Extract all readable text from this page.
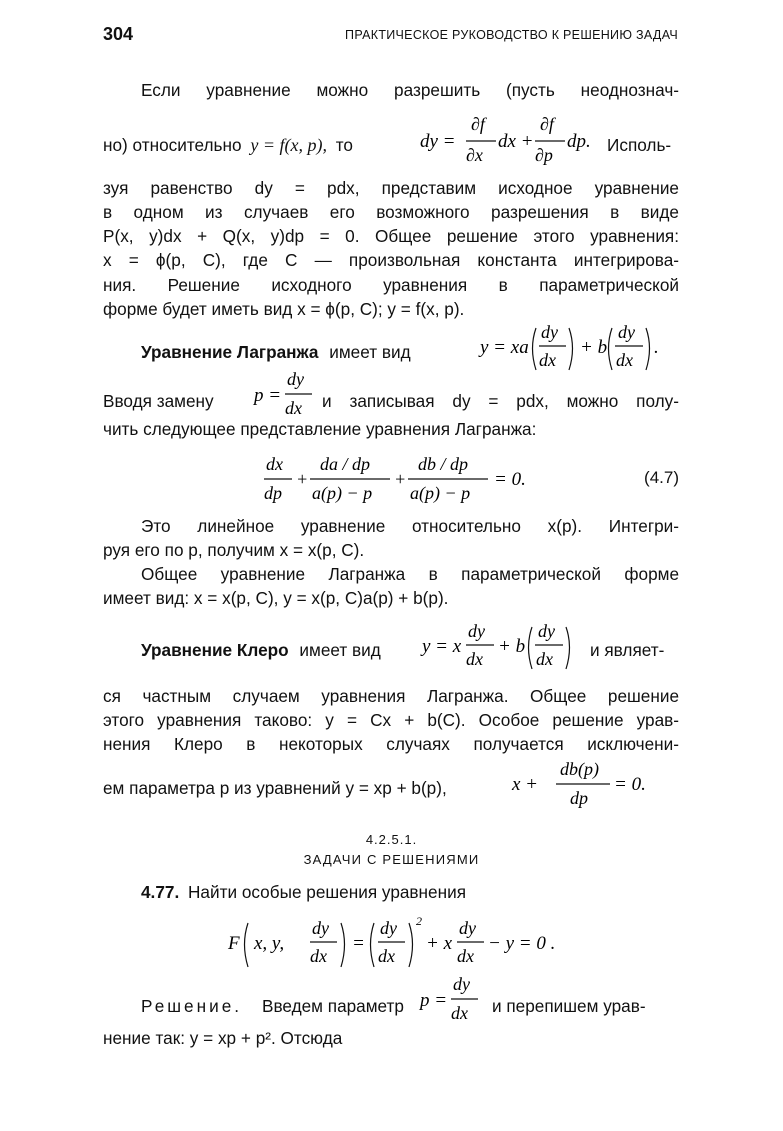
304	ПРАКТИЧЕСКОЕ РУКОВОДСТВО К РЕШЕНИЮ ЗАДАЧ
Если уравнение можно разрешить (пусть неоднознач-
но) относительно y = f(x, p), то	dy =
∂f
∂x
dx +
∂f
∂p
dp. Исполь-
зуя равенство dy = pdx, представим исходное уравнение
в одном из случаев его возможного разрешения в виде
P(x, y)dx + Q(x, y)dp = 0. Общее решение этого уравнения:
x = ϕ(p, C), где C — произвольная константа интегрирова-
ния. Решение исходного уравнения в параметрической
форме будет иметь вид x = ϕ(p, C); y = f(x, p).
Уравнение Лагранжа имеет вид	y = xa
dy
dx
+ b
dy
dx
.
Вводя замену p =
dy
dx и записывая dy = pdx, можно полу-
чить следующее представление уравнения Лагранжа:
dx
dp
+
da / dp
a(p) − p
+
db / dp
a(p) − p
= 0.	(4.7)
Это линейное уравнение относительно x(p). Интегри-
руя его по p, получим x = x(p, C).
Общее уравнение Лагранжа в параметрической форме
имеет вид: x = x(p, C), y = x(p, C)a(p) + b(p).
Уравнение Клеро имеет вид y = x
dy
dx
+ b
dy
dx и являет-
ся частным случаем уравнения Лагранжа. Общее решение
этого уравнения таково: y = Cx + b(C). Особое решение урав-
нения Клеро в некоторых случаях получается исключени-
ем параметра p из уравнений y = xp + b(p),	x +
db(p)
dp
= 0.
4.2.5.1.
ЗАДАЧИ С РЕШЕНИЯМИ
4.77. Найти особые решения уравнения
F x, y,
dy
dx
=
dy
dx
2
+ x
dy
dx
− y = 0 .
Решение. Введем параметр p =
dy
dx и перепишем урав-
нение так: y = xp + p². Отсюда
